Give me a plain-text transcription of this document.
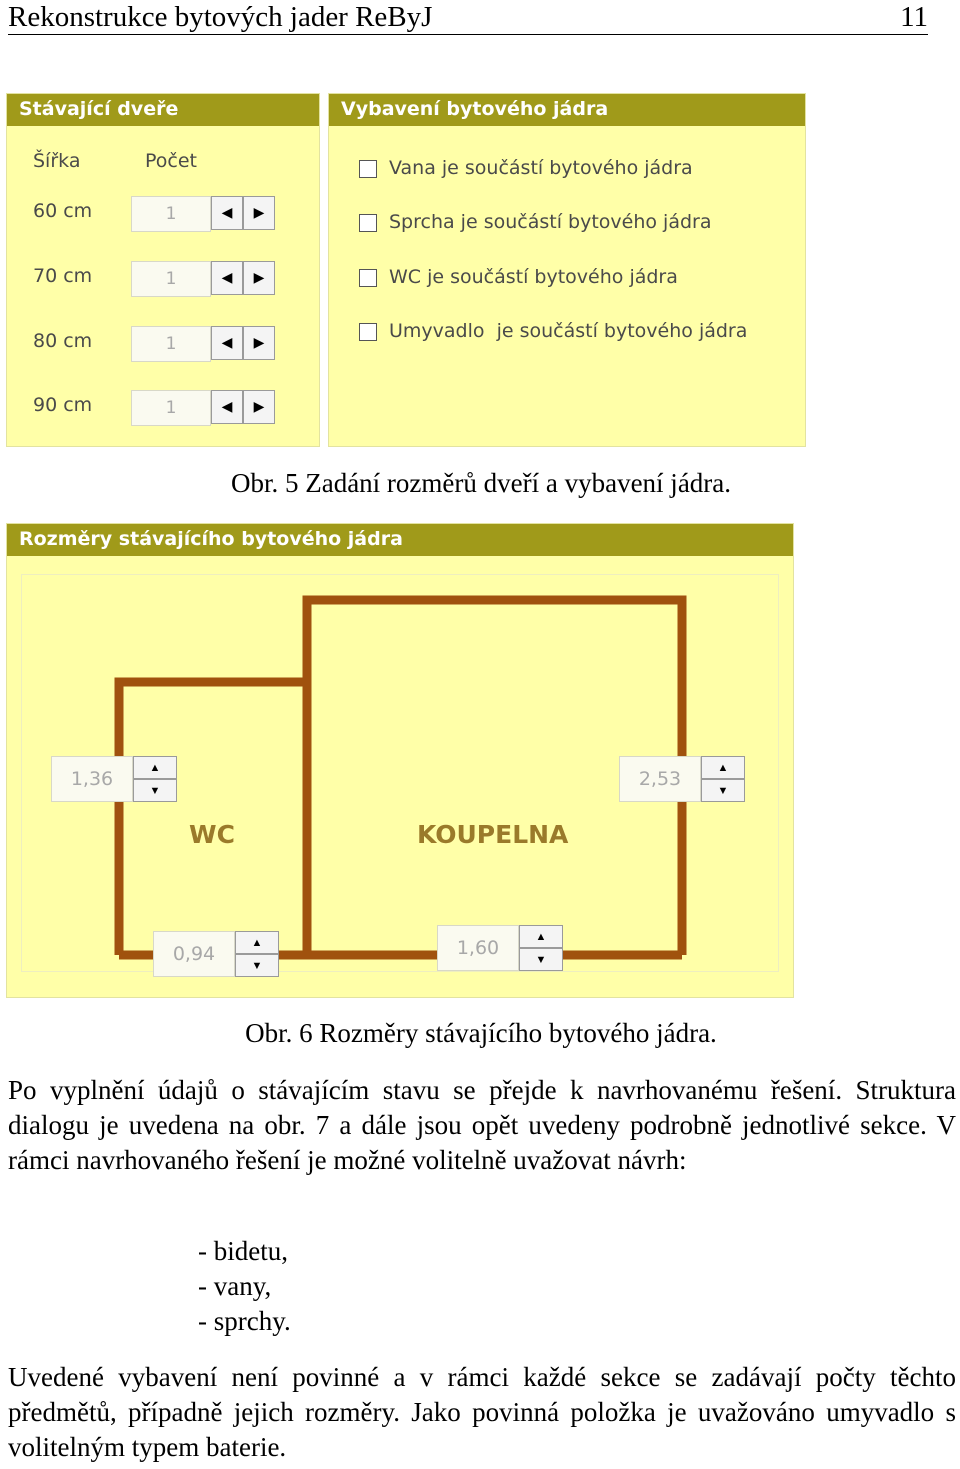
Rekonstrukce bytových jader ReByJ	11
Stávající dveře
Šířka	Počet
60 cm	1	◀ ▶
70 cm	1	◀ ▶
80 cm	1	◀ ▶
90 cm	1	◀ ▶
Vybavení bytového jádra
Vana je součástí bytového jádra
Sprcha je součástí bytového jádra
WC je součástí bytového jádra
Umyvadlo  je součástí bytového jádra
Obr. 5 Zadání rozměrů dveří a vybavení jádra.
Rozměry stávajícího bytového jádra
WC	KOUPELNA
1,36
▲
▼
2,53
▲
▼
0,94
▲
▼
1,60
▲
▼
Obr. 6 Rozměry stávajícího bytového jádra.
Po vyplnění údajů o stávajícím stavu se přejde k navrhovanému řešení. Struktura dialogu je uvedena na obr. 7 a dále jsou opět uvedeny podrobně jednotlivé sekce. V rámci navrhovaného řešení je možné volitelně uvažovat návrh:
- bidetu,
- vany,
- sprchy.
Uvedené vybavení není povinné a v rámci každé sekce se zadávají počty těchto předmětů, případně jejich rozměry. Jako povinná položka je uvažováno umyvadlo s volitelným typem baterie.
